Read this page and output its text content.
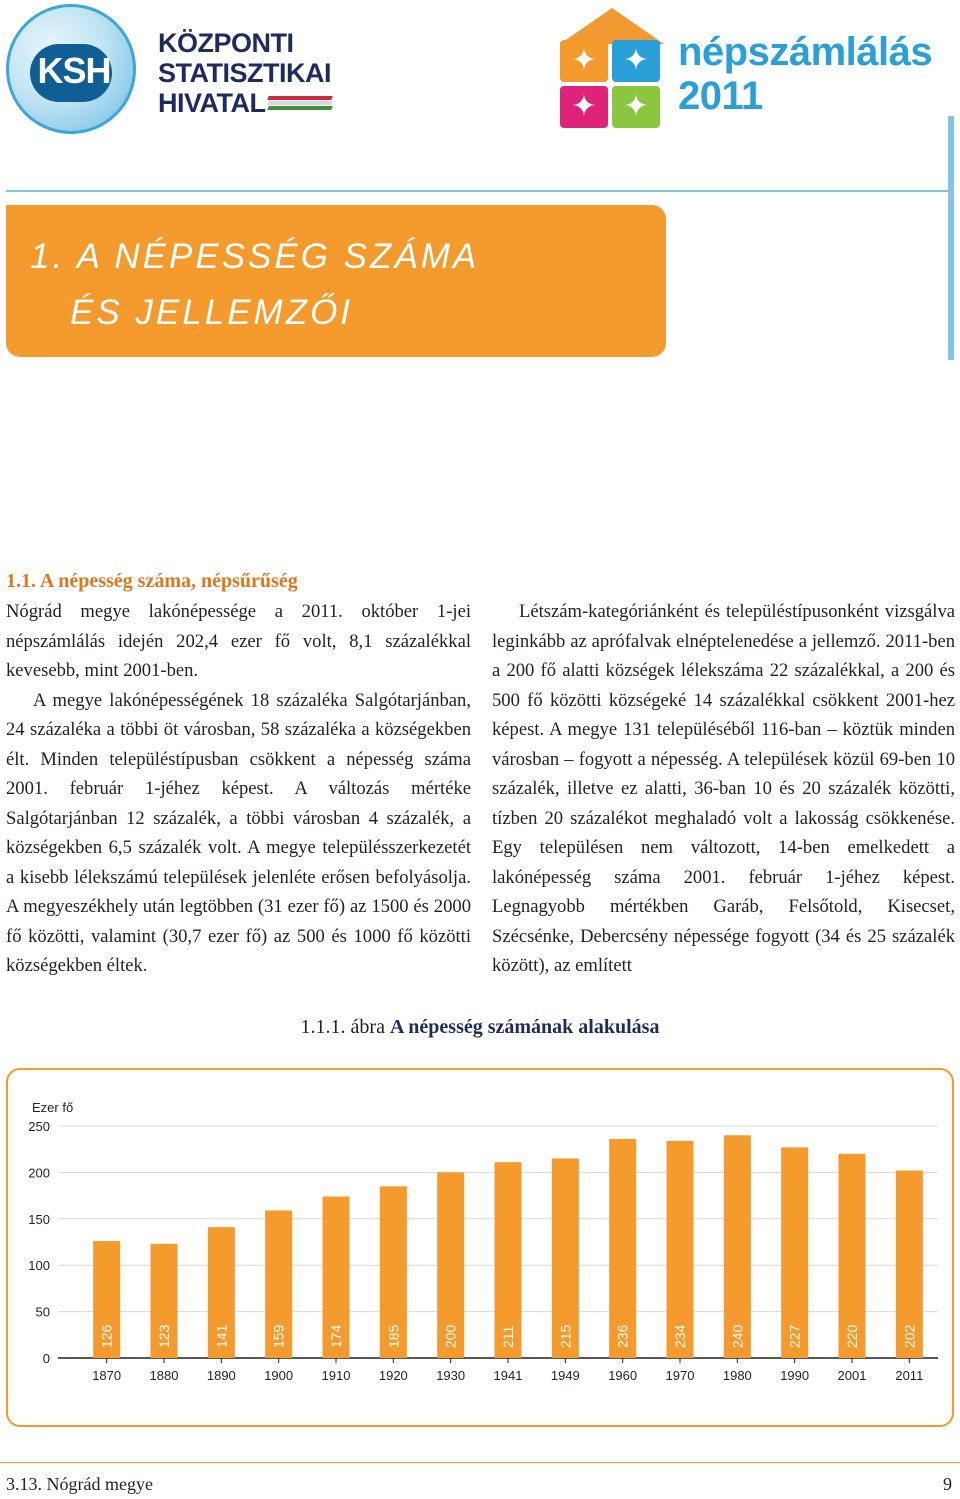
KSH
KÖZPONTI
STATISZTIKAI
HIVATAL
✦ ✦
✦ ✦
népszámlálás
2011
1. A NÉPESSÉG SZÁMA
ÉS JELLEMZŐI
1.1. A népesség száma, népsűrűség

Nógrád megye lakónépessége a 2011. október 1-jei népszámlálás idején 202,4 ezer fő volt, 8,1 százalékkal kevesebb, mint 2001-ben.

A megye lakónépességének 18 százaléka Salgótarjánban, 24 százaléka a többi öt városban, 58 százaléka a községekben élt. Minden településtípusban csökkent a népesség száma 2001. február 1-jéhez képest. A változás mértéke Salgótarjánban 12 százalék, a többi városban 4 százalék, a községekben 6,5 százalék volt. A megye településszerkezetét a kisebb lélekszámú települések jelenléte erősen befolyásolja. A megyeszékhely után legtöbben (31 ezer fő) az 1500 és 2000 fő közötti, valamint (30,7 ezer fő) az 500 és 1000 fő közötti községekben éltek.

Létszám-kategóriánként és településtípusonként vizsgálva leginkább az aprófalvak elnéptelenedése a jellemző. 2011-ben a 200 fő alatti községek lélekszáma 22 százalékkal, a 200 és 500 fő közötti községeké 14 százalékkal csökkent 2001-hez képest. A megye 131 településéből 116-ban – köztük minden városban – fogyott a népesség. A települések közül 69-ben 10 százalék, illetve ez alatti, 36-ban 10 és 20 százalék közötti, tízben 20 százalékot meghaladó volt a lakosság csökkenése. Egy településen nem változott, 14-ben emelkedett a lakónépesség száma 2001. február 1-jéhez képest. Legnagyobb mértékben Garáb, Felsőtold, Kisecset, Szécsénke, Debercsény népessége fogyott (34 és 25 százalék között), az említett

1.1.1. ábra A népesség számának alakulása
Ezer fő
0
50
100
150
200
250
126
1870
123
1880
141
1890
159
1900
174
1910
185
1920
200
1930
211
1941
215
1949
236
1960
234
1970
240
1980
227
1990
220
2001
202
2011
3.13. Nógrád megye	9
